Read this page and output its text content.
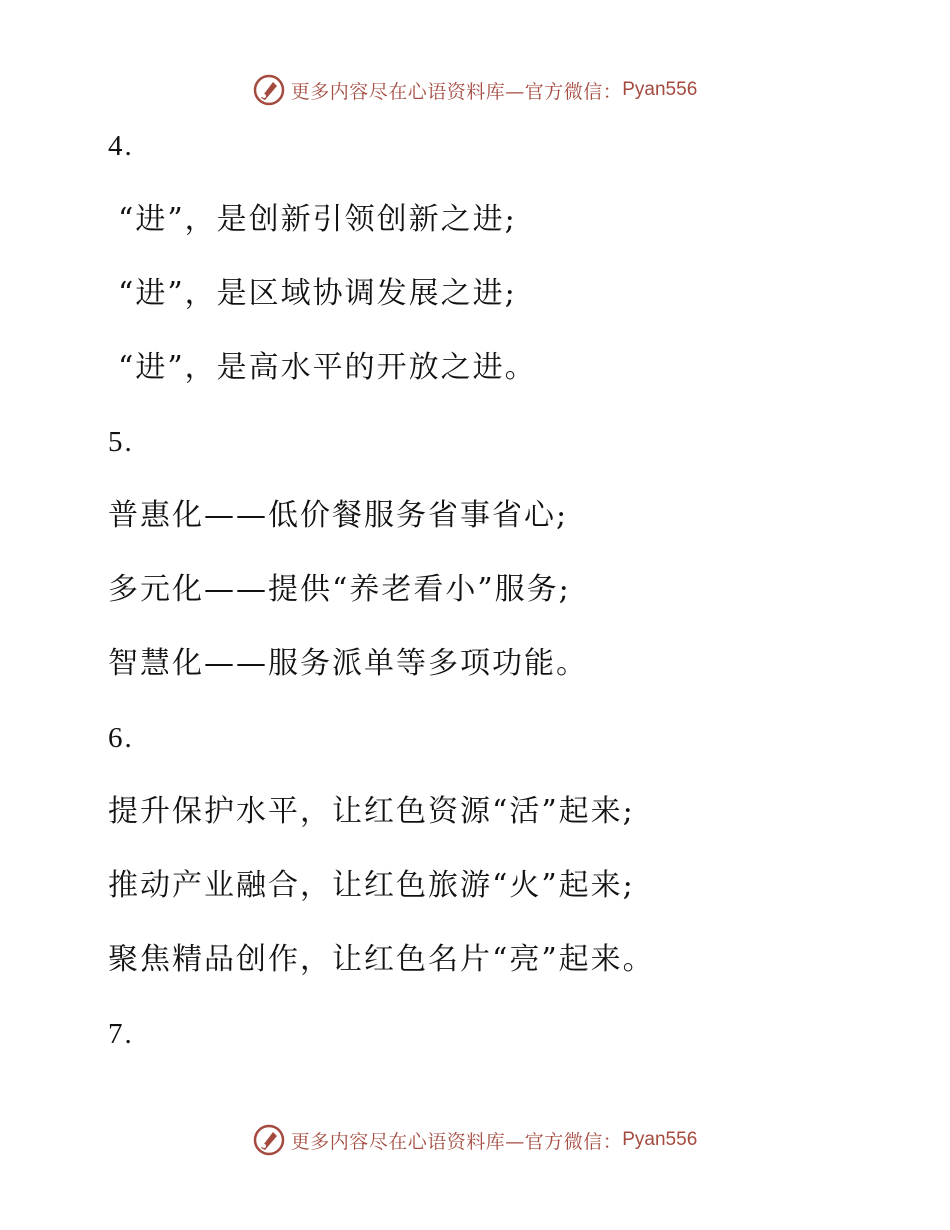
更多内容尽在心语资料库—官方微信： Pyan556
4.
“进”，是创新引领创新之进;
“进”，是区域协调发展之进;
“进”，是高水平的开放之进。
5.
普惠化——低价餐服务省事省心;
多元化——提供“养老看小”服务;
智慧化——服务派单等多项功能。
6.
提升保护水平，让红色资源“活”起来;
推动产业融合，让红色旅游“火”起来;
聚焦精品创作，让红色名片“亮”起来。
7.
更多内容尽在心语资料库—官方微信： Pyan556
